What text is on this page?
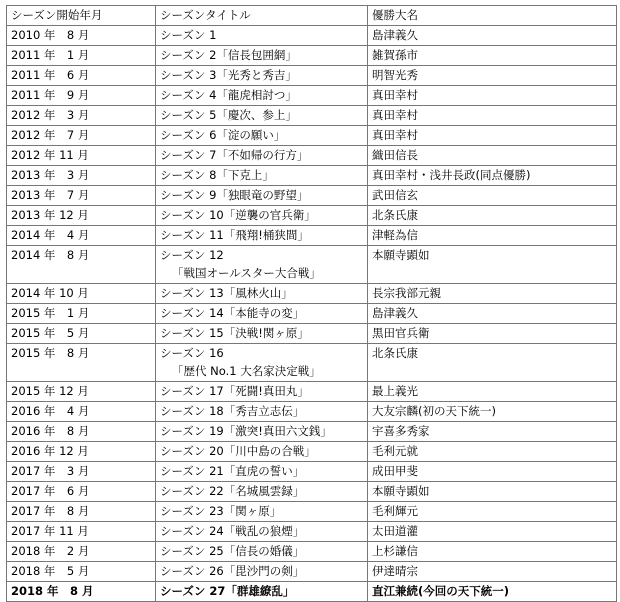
シーズン開始年月	シーズンタイトル	優勝大名
2010 年　8 月	シーズン 1	島津義久
2011 年　1 月	シーズン 2「信長包囲網」	雑賀孫市
2011 年　6 月	シーズン 3「光秀と秀吉」	明智光秀
2011 年　9 月	シーズン 4「龍虎相討つ」	真田幸村
2012 年　3 月	シーズン 5「慶次、参上」	真田幸村
2012 年　7 月	シーズン 6「淀の願い」	真田幸村
2012 年 11 月	シーズン 7「不如帰の行方」	織田信長
2013 年　3 月	シーズン 8「下克上」	真田幸村・浅井長政(同点優勝)
2013 年　7 月	シーズン 9「独眼竜の野望」	武田信玄
2013 年 12 月	シーズン 10「逆襲の官兵衛」	北条氏康
2014 年　4 月	シーズン 11「飛翔!桶狭間」	津軽為信
2014 年　8 月	シーズン 12
「戦国オールスター大合戦」	本願寺顕如
2014 年 10 月	シーズン 13「風林火山」	長宗我部元親
2015 年　1 月	シーズン 14「本能寺の変」	島津義久
2015 年　5 月	シーズン 15「決戦!関ヶ原」	黒田官兵衛
2015 年　8 月	シーズン 16
「歴代 No.1 大名家決定戦」	北条氏康
2015 年 12 月	シーズン 17「死闘!真田丸」	最上義光
2016 年　4 月	シーズン 18「秀吉立志伝」	大友宗麟(初の天下統一)
2016 年　8 月	シーズン 19「激突!真田六文銭」	宇喜多秀家
2016 年 12 月	シーズン 20「川中島の合戦」	毛利元就
2017 年　3 月	シーズン 21「直虎の誓い」	成田甲斐
2017 年　6 月	シーズン 22「名城風雲録」	本願寺顕如
2017 年　8 月	シーズン 23「関ヶ原」	毛利輝元
2017 年 11 月	シーズン 24「戦乱の狼煙」	太田道灌
2018 年　2 月	シーズン 25「信長の婚儀」	上杉謙信
2018 年　5 月	シーズン 26「毘沙門の剣」	伊達晴宗
2018 年　8 月	シーズン 27「群雄繚乱」	直江兼続(今回の天下統一)
